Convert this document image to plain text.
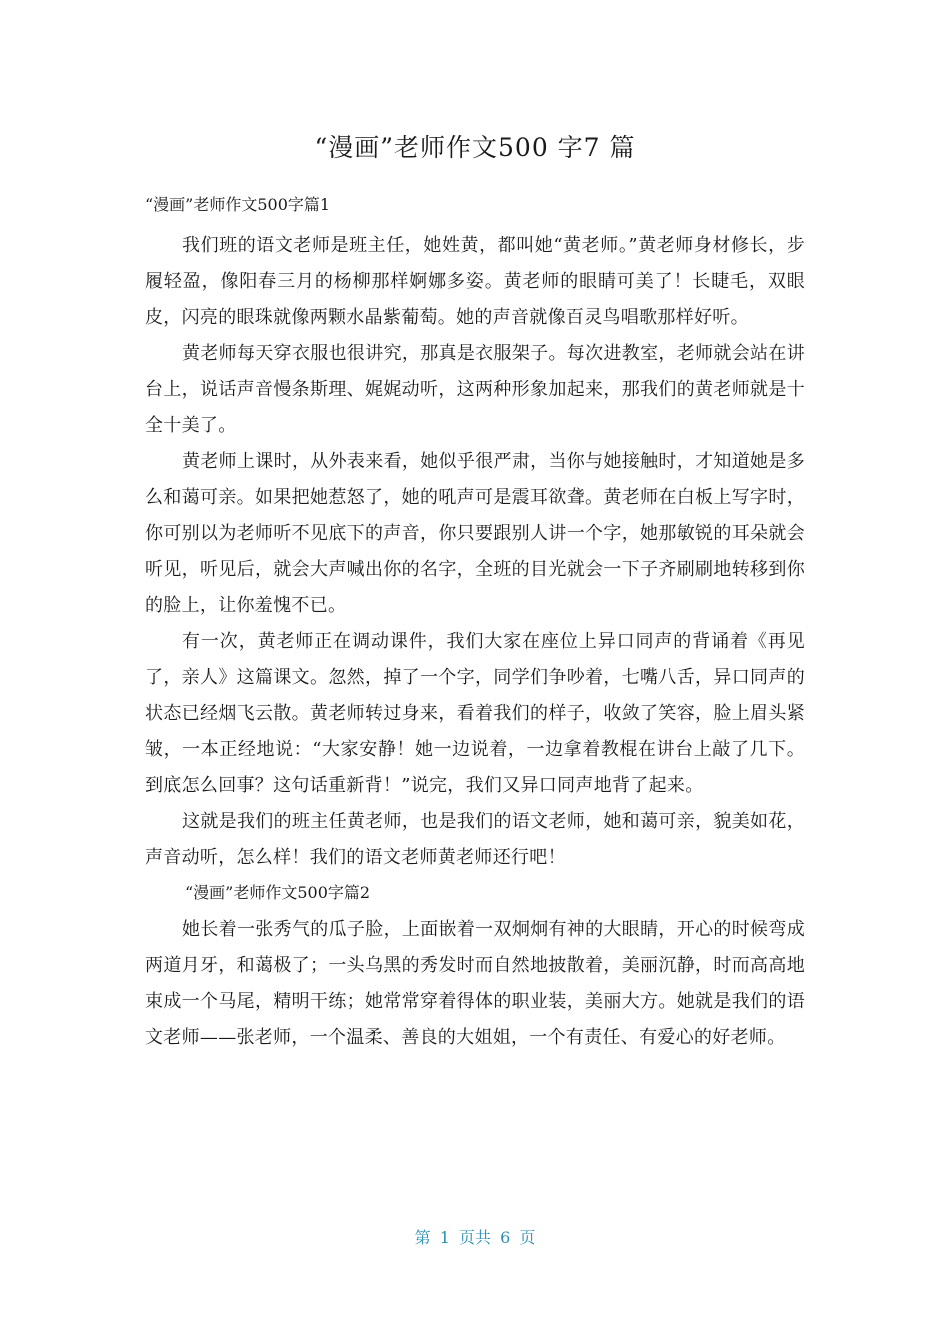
“漫画”老师作文500 字7 篇
“漫画”老师作文500字篇1

我们班的语文老师是班主任，她姓黄，都叫她“黄老师。”黄老师身材修长，步履轻盈，像阳春三月的杨柳那样婀娜多姿。黄老师的眼睛可美了！长睫毛，双眼皮，闪亮的眼珠就像两颗水晶紫葡萄。她的声音就像百灵鸟唱歌那样好听。

黄老师每天穿衣服也很讲究，那真是衣服架子。每次进教室，老师就会站在讲台上，说话声音慢条斯理、娓娓动听，这两种形象加起来，那我们的黄老师就是十全十美了。

黄老师上课时，从外表来看，她似乎很严肃，当你与她接触时，才知道她是多么和蔼可亲。如果把她惹怒了，她的吼声可是震耳欲聋。黄老师在白板上写字时，你可别以为老师听不见底下的声音，你只要跟别人讲一个字，她那敏锐的耳朵就会听见，听见后，就会大声喊出你的名字，全班的目光就会一下子齐刷刷地转移到你的脸上，让你羞愧不已。

有一次，黄老师正在调动课件，我们大家在座位上异口同声的背诵着《再见了，亲人》这篇课文。忽然，掉了一个字，同学们争吵着，七嘴八舌，异口同声的状态已经烟飞云散。黄老师转过身来，看着我们的样子，收敛了笑容，脸上眉头紧皱，一本正经地说：“大家安静！她一边说着，一边拿着教棍在讲台上敲了几下。到底怎么回事？这句话重新背！”说完，我们又异口同声地背了起来。

这就是我们的班主任黄老师，也是我们的语文老师，她和蔼可亲，貌美如花，声音动听，怎么样！我们的语文老师黄老师还行吧！

“漫画”老师作文500字篇2

她长着一张秀气的瓜子脸，上面嵌着一双炯炯有神的大眼睛，开心的时候弯成两道月牙，和蔼极了；一头乌黑的秀发时而自然地披散着，美丽沉静，时而高高地束成一个马尾，精明干练；她常常穿着得体的职业装，美丽大方。她就是我们的语文老师——张老师，一个温柔、善良的大姐姐，一个有责任、有爱心的好老师。

第 1 页共 6 页
